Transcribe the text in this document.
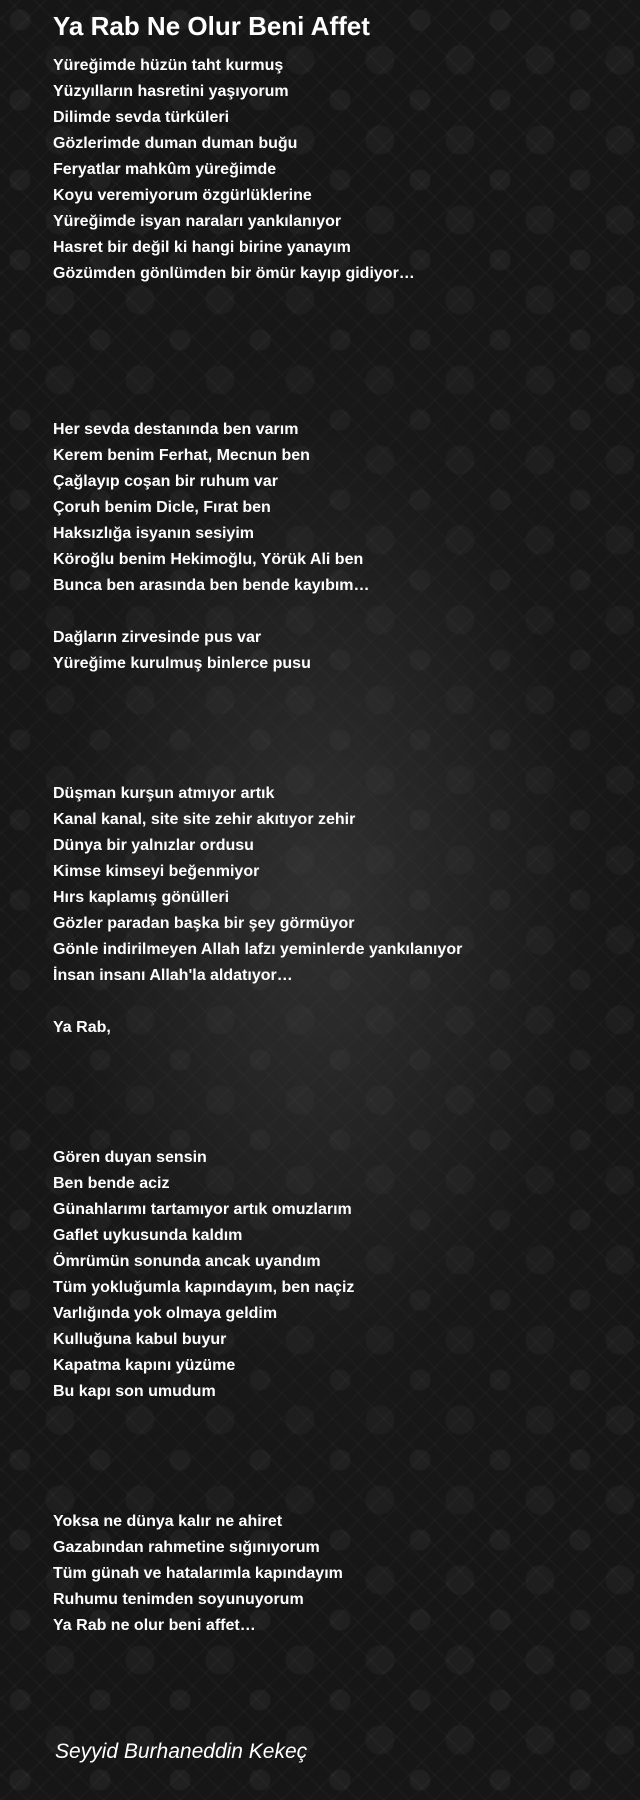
Ya Rab Ne Olur Beni Affet
Yüreğimde hüzün taht kurmuş
Yüzyılların hasretini yaşıyorum
Dilimde sevda türküleri
Gözlerimde duman duman buğu
Feryatlar mahkûm yüreğimde
Koyu veremiyorum özgürlüklerine
Yüreğimde isyan naraları yankılanıyor
Hasret bir değil ki hangi birine yanayım
Gözümden gönlümden bir ömür kayıp gidiyor…
Her sevda destanında ben varım
Kerem benim Ferhat, Mecnun ben
Çağlayıp coşan bir ruhum var
Çoruh benim Dicle, Fırat ben
Haksızlığa isyanın sesiyim
Köroğlu benim Hekimoğlu, Yörük Ali ben
Bunca ben arasında ben bende kayıbım…
Dağların zirvesinde pus var
Yüreğime kurulmuş binlerce pusu
Düşman kurşun atmıyor artık
Kanal kanal, site site zehir akıtıyor zehir
Dünya bir yalnızlar ordusu
Kimse kimseyi beğenmiyor
Hırs kaplamış gönülleri
Gözler paradan başka bir şey görmüyor
Gönle indirilmeyen Allah lafzı yeminlerde yankılanıyor
İnsan insanı Allah'la aldatıyor…
Ya Rab,
Gören duyan sensin
Ben bende aciz
Günahlarımı tartamıyor artık omuzlarım
Gaflet uykusunda kaldım
Ömrümün sonunda ancak uyandım
Tüm yokluğumla kapındayım, ben naçiz
Varlığında yok olmaya geldim
Kulluğuna kabul buyur
Kapatma kapını yüzüme
Bu kapı son umudum
Yoksa ne dünya kalır ne ahiret
Gazabından rahmetine sığınıyorum
Tüm günah ve hatalarımla kapındayım
Ruhumu tenimden soyunuyorum
Ya Rab ne olur beni affet…
Seyyid Burhaneddin Kekeç
